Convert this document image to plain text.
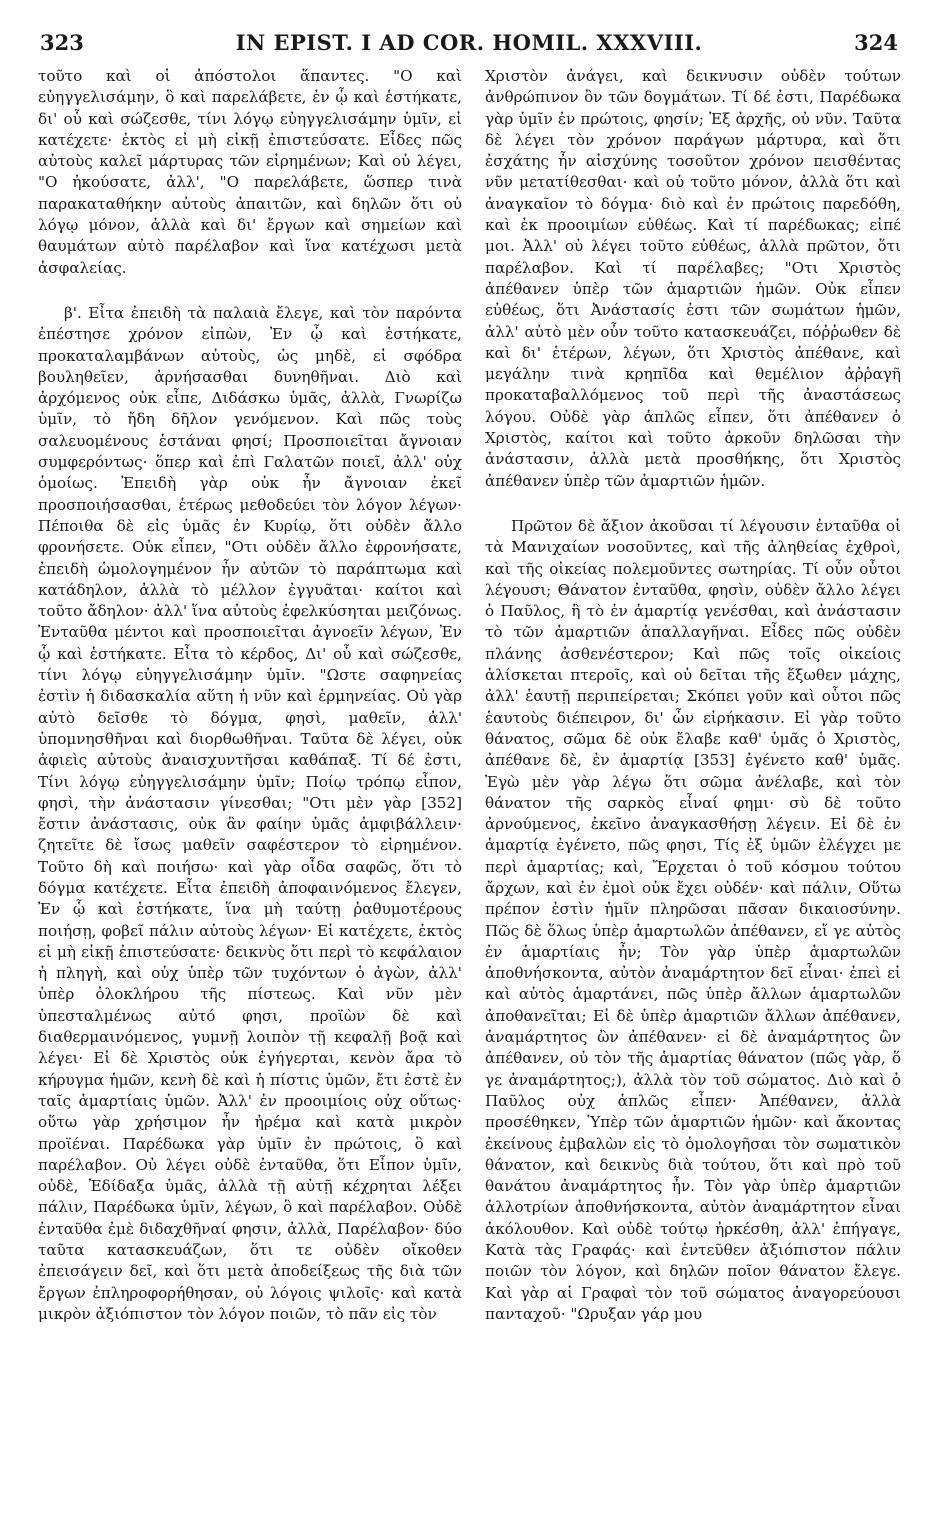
323	IN EPIST. I AD COR. HOMIL. XXXVIII.	324

τοῦτο καὶ οἱ ἀπόστολοι ἅπαντες. "Ο καὶ εὐηγγελισάμην, ὃ καὶ παρελάβετε, ἐν ᾧ καὶ ἑστήκατε, δι' οὗ καὶ σώζεσθε, τίνι λόγῳ εὐηγγελισάμην ὑμῖν, εἰ κατέχετε· ἐκτὸς εἰ μὴ εἰκῇ ἐπιστεύσατε. Εἶδες πῶς αὐτοὺς καλεῖ μάρτυρας τῶν εἰρημένων; Καὶ οὐ λέγει, "Ο ἠκούσατε, ἀλλ', "Ο παρελάβετε, ὥσπερ τινὰ παρακαταθήκην αὐτοὺς ἀπαιτῶν, καὶ δηλῶν ὅτι οὐ λόγῳ μόνον, ἀλλὰ καὶ δι' ἔργων καὶ σημείων καὶ θαυμάτων αὐτὸ παρέλαβον καὶ ἵνα κατέχωσι μετὰ ἀσφαλείας.

β'. Εἶτα ἐπειδὴ τὰ παλαιὰ ἔλεγε, καὶ τὸν παρόντα ἐπέστησε χρόνον εἰπὼν, Ἐν ᾧ καὶ ἑστήκατε, προκαταλαμβάνων αὐτοὺς, ὡς μηδὲ, εἰ σφόδρα βουληθεῖεν, ἀρνήσασθαι δυνηθῆναι. Διὸ καὶ ἀρχόμενος οὐκ εἶπε, Διδάσκω ὑμᾶς, ἀλλὰ, Γνωρίζω ὑμῖν, τὸ ἤδη δῆλον γενόμενον. Καὶ πῶς τοὺς σαλευομένους ἑστάναι φησί; Προσποιεῖται ἄγνοιαν συμφερόντως· ὅπερ καὶ ἐπὶ Γαλατῶν ποιεῖ, ἀλλ' οὐχ ὁμοίως. Ἐπειδὴ γὰρ οὐκ ἦν ἄγνοιαν ἐκεῖ προσποιήσασθαι, ἑτέρως μεθοδεύει τὸν λόγον λέγων· Πέποιθα δὲ εἰς ὑμᾶς ἐν Κυρίῳ, ὅτι οὐδὲν ἄλλο φρονήσετε. Οὐκ εἶπεν, "Οτι οὐδὲν ἄλλο ἐφρονήσατε, ἐπειδὴ ὡμολογημένον ἦν αὐτῶν τὸ παράπτωμα καὶ κατάδηλον, ἀλλὰ τὸ μέλλον ἐγγυᾶται· καίτοι καὶ τοῦτο ἄδηλον· ἀλλ' ἵνα αὐτοὺς ἐφελκύσηται μειζόνως. Ἐνταῦθα μέντοι καὶ προσποιεῖται ἀγνοεῖν λέγων, Ἐν ᾧ καὶ ἑστήκατε. Εἶτα τὸ κέρδος, Δι' οὗ καὶ σώζεσθε, τίνι λόγῳ εὐηγγελισάμην ὑμῖν. "Ωστε σαφηνείας ἐστὶν ἡ διδασκαλία αὕτη ἡ νῦν καὶ ἑρμηνείας. Οὐ γὰρ αὐτὸ δεῖσθε τὸ δόγμα, φησὶ, μαθεῖν, ἀλλ' ὑπομνησθῆναι καὶ διορθωθῆναι. Ταῦτα δὲ λέγει, οὐκ ἀφιεὶς αὐτοὺς ἀναισχυντῆσαι καθάπαξ. Τί δέ ἐστι, Τίνι λόγῳ εὐηγγελισάμην ὑμῖν; Ποίῳ τρόπῳ εἶπον, φησὶ, τὴν ἀνάστασιν γίνεσθαι; "Οτι μὲν γὰρ [352] ἔστιν ἀνάστασις, οὐκ ἂν φαίην ὑμᾶς ἀμφιβάλλειν· ζητεῖτε δὲ ἴσως μαθεῖν σαφέστερον τὸ εἰρημένον. Τοῦτο δὴ καὶ ποιήσω· καὶ γὰρ οἶδα σαφῶς, ὅτι τὸ δόγμα κατέχετε. Εἶτα ἐπειδὴ ἀποφαινόμενος ἔλεγεν, Ἐν ᾧ καὶ ἑστήκατε, ἵνα μὴ ταύτῃ ῥαθυμοτέρους ποιήσῃ, φοβεῖ πάλιν αὐτοὺς λέγων· Εἰ κατέχετε, ἐκτὸς εἰ μὴ εἰκῇ ἐπιστεύσατε· δεικνὺς ὅτι περὶ τὸ κεφάλαιον ἡ πληγὴ, καὶ οὐχ ὑπὲρ τῶν τυχόντων ὁ ἀγὼν, ἀλλ' ὑπὲρ ὁλοκλήρου τῆς πίστεως. Καὶ νῦν μὲν ὑπεσταλμένως αὐτό φησι, προϊὼν δὲ καὶ διαθερμαινόμενος, γυμνῇ λοιπὸν τῇ κεφαλῇ βοᾷ καὶ λέγει· Εἰ δὲ Χριστὸς οὐκ ἐγήγερται, κενὸν ἄρα τὸ κήρυγμα ἡμῶν, κενὴ δὲ καὶ ἡ πίστις ὑμῶν, ἔτι ἐστὲ ἐν ταῖς ἁμαρτίαις ὑμῶν. Ἀλλ' ἐν προοιμίοις οὐχ οὕτως· οὕτω γὰρ χρήσιμον ἦν ἠρέμα καὶ κατὰ μικρὸν προϊέναι. Παρέδωκα γὰρ ὑμῖν ἐν πρώτοις, ὃ καὶ παρέλαβον. Οὐ λέγει οὐδὲ ἐνταῦθα, ὅτι Εἶπον ὑμῖν, οὐδὲ, Ἐδίδαξα ὑμᾶς, ἀλλὰ τῇ αὐτῇ κέχρηται λέξει πάλιν, Παρέδωκα ὑμῖν, λέγων, ὃ καὶ παρέλαβον. Οὐδὲ ἐνταῦθα ἐμὲ διδαχθῆναί φησιν, ἀλλὰ, Παρέλαβον· δύο ταῦτα κατασκευάζων, ὅτι τε οὐδὲν οἴκοθεν ἐπεισάγειν δεῖ, καὶ ὅτι μετὰ ἀποδείξεως τῆς διὰ τῶν ἔργων ἐπληροφορήθησαν, οὐ λόγοις ψιλοῖς· καὶ κατὰ μικρὸν ἀξιόπιστον τὸν λόγον ποιῶν, τὸ πᾶν εἰς τὸν

Χριστὸν ἀνάγει, καὶ δεικνυσιν οὐδὲν τούτων ἀνθρώπινον ὂν τῶν δογμάτων. Τί δέ ἐστι, Παρέδωκα γὰρ ὑμῖν ἐν πρώτοις, φησίν; Ἐξ ἀρχῆς, οὐ νῦν. Ταῦτα δὲ λέγει τὸν χρόνον παράγων μάρτυρα, καὶ ὅτι ἐσχάτης ἦν αἰσχύνης τοσοῦτον χρόνον πεισθέντας νῦν μετατίθεσθαι· καὶ οὐ τοῦτο μόνον, ἀλλὰ ὅτι καὶ ἀναγκαῖον τὸ δόγμα· διὸ καὶ ἐν πρώτοις παρεδόθη, καὶ ἐκ προοιμίων εὐθέως. Καὶ τί παρέδωκας; εἰπέ μοι. Ἀλλ' οὐ λέγει τοῦτο εὐθέως, ἀλλὰ πρῶτον, ὅτι παρέλαβον. Καὶ τί παρέλαβες; "Οτι Χριστὸς ἀπέθανεν ὑπὲρ τῶν ἁμαρτιῶν ἡμῶν. Οὐκ εἶπεν εὐθέως, ὅτι Ἀνάστασίς ἐστι τῶν σωμάτων ἡμῶν, ἀλλ' αὐτὸ μὲν οὖν τοῦτο κατασκευάζει, πόῤῥωθεν δὲ καὶ δι' ἑτέρων, λέγων, ὅτι Χριστὸς ἀπέθανε, καὶ μεγάλην τινὰ κρηπῖδα καὶ θεμέλιον ἀῤῥαγῆ προκαταβαλλόμενος τοῦ περὶ τῆς ἀναστάσεως λόγου. Οὐδὲ γὰρ ἁπλῶς εἶπεν, ὅτι ἀπέθανεν ὁ Χριστὸς, καίτοι καὶ τοῦτο ἀρκοῦν δηλῶσαι τὴν ἀνάστασιν, ἀλλὰ μετὰ προσθήκης, ὅτι Χριστὸς ἀπέθανεν ὑπὲρ τῶν ἁμαρτιῶν ἡμῶν.

Πρῶτον δὲ ἄξιον ἀκοῦσαι τί λέγουσιν ἐνταῦθα οἱ τὰ Μανιχαίων νοσοῦντες, καὶ τῆς ἀληθείας ἐχθροὶ, καὶ τῆς οἰκείας πολεμοῦντες σωτηρίας. Τί οὖν οὗτοι λέγουσι; Θάνατον ἐνταῦθα, φησὶν, οὐδὲν ἄλλο λέγει ὁ Παῦλος, ἢ τὸ ἐν ἁμαρτίᾳ γενέσθαι, καὶ ἀνάστασιν τὸ τῶν ἁμαρτιῶν ἀπαλλαγῆναι. Εἶδες πῶς οὐδὲν πλάνης ἀσθενέστερον; Καὶ πῶς τοῖς οἰκείοις ἁλίσκεται πτεροῖς, καὶ οὐ δεῖται τῆς ἔξωθεν μάχης, ἀλλ' ἑαυτῇ περιπείρεται; Σκόπει γοῦν καὶ οὗτοι πῶς ἑαυτοὺς διέπειρον, δι' ὧν εἰρήκασιν. Εἰ γὰρ τοῦτο θάνατος, σῶμα δὲ οὐκ ἔλαβε καθ' ὑμᾶς ὁ Χριστὸς, ἀπέθανε δὲ, ἐν ἁμαρτίᾳ [353] ἐγένετο καθ' ὑμᾶς. Ἐγὼ μὲν γὰρ λέγω ὅτι σῶμα ἀνέλαβε, καὶ τὸν θάνατον τῆς σαρκὸς εἶναί φημι· σὺ δὲ τοῦτο ἀρνούμενος, ἐκεῖνο ἀναγκασθήσῃ λέγειν. Εἰ δὲ ἐν ἁμαρτίᾳ ἐγένετο, πῶς φησι, Τίς ἐξ ὑμῶν ἐλέγχει με περὶ ἁμαρτίας; καὶ, Ἔρχεται ὁ τοῦ κόσμου τούτου ἄρχων, καὶ ἐν ἐμοὶ οὐκ ἔχει οὐδέν· καὶ πάλιν, Οὕτω πρέπον ἐστὶν ἡμῖν πληρῶσαι πᾶσαν δικαιοσύνην. Πῶς δὲ ὅλως ὑπὲρ ἁμαρτωλῶν ἀπέθανεν, εἴ γε αὐτὸς ἐν ἁμαρτίαις ἦν; Τὸν γὰρ ὑπὲρ ἁμαρτωλῶν ἀποθνήσκοντα, αὐτὸν ἀναμάρτητον δεῖ εἶναι· ἐπεὶ εἰ καὶ αὐτὸς ἁμαρτάνει, πῶς ὑπὲρ ἄλλων ἁμαρτωλῶν ἀποθανεῖται; Εἰ δὲ ὑπὲρ ἁμαρτιῶν ἄλλων ἀπέθανεν, ἀναμάρτητος ὢν ἀπέθανεν· εἰ δὲ ἀναμάρτητος ὢν ἀπέθανεν, οὐ τὸν τῆς ἁμαρτίας θάνατον (πῶς γὰρ, ὅ γε ἀναμάρτητος;), ἀλλὰ τὸν τοῦ σώματος. Διὸ καὶ ὁ Παῦλος οὐχ ἁπλῶς εἶπεν· Ἀπέθανεν, ἀλλὰ προσέθηκεν, Ὑπὲρ τῶν ἁμαρτιῶν ἡμῶν· καὶ ἄκοντας ἐκείνους ἐμβαλὼν εἰς τὸ ὁμολογῆσαι τὸν σωματικὸν θάνατον, καὶ δεικνὺς διὰ τούτου, ὅτι καὶ πρὸ τοῦ θανάτου ἀναμάρτητος ἦν. Τὸν γὰρ ὑπὲρ ἁμαρτιῶν ἀλλοτρίων ἀποθνήσκοντα, αὐτὸν ἀναμάρτητον εἶναι ἀκόλουθον. Καὶ οὐδὲ τούτῳ ἠρκέσθη, ἀλλ' ἐπήγαγε, Κατὰ τὰς Γραφάς· καὶ ἐντεῦθεν ἀξιόπιστον πάλιν ποιῶν τὸν λόγον, καὶ δηλῶν ποῖον θάνατον ἔλεγε. Καὶ γὰρ αἱ Γραφαὶ τὸν τοῦ σώματος ἀναγορεύουσι πανταχοῦ· "Ωρυξαν γάρ μου
